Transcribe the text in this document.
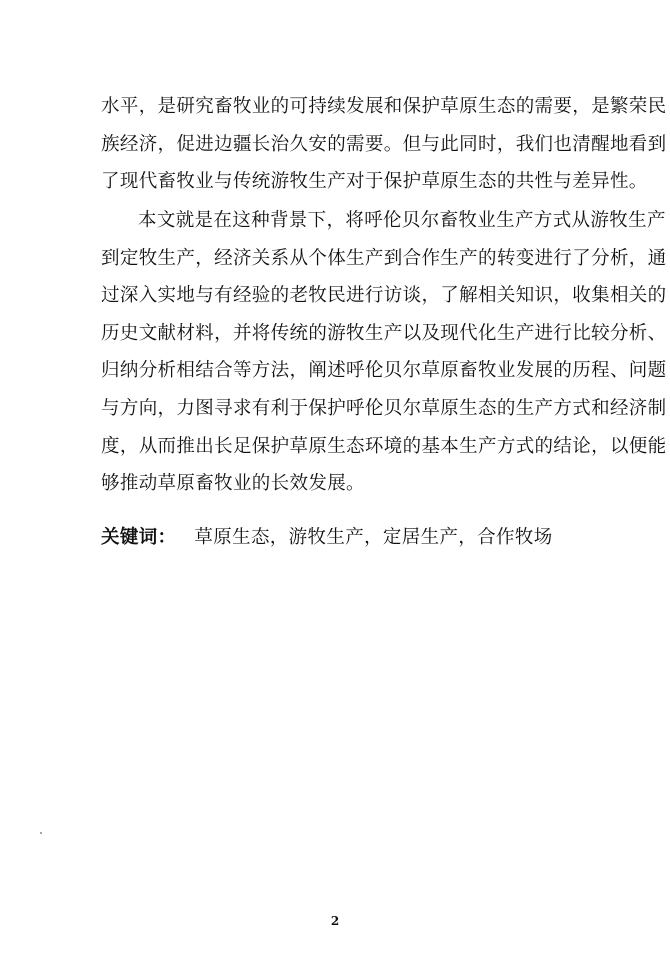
水平，是研究畜牧业的可持续发展和保护草原生态的需要，是繁荣民
族经济，促进边疆长治久安的需要。但与此同时，我们也清醒地看到
了现代畜牧业与传统游牧生产对于保护草原生态的共性与差异性。
本文就是在这种背景下，将呼伦贝尔畜牧业生产方式从游牧生产
到定牧生产，经济关系从个体生产到合作生产的转变进行了分析，通
过深入实地与有经验的老牧民进行访谈，了解相关知识，收集相关的
历史文献材料，并将传统的游牧生产以及现代化生产进行比较分析、
归纳分析相结合等方法，阐述呼伦贝尔草原畜牧业发展的历程、问题
与方向，力图寻求有利于保护呼伦贝尔草原生态的生产方式和经济制
度，从而推出长足保护草原生态环境的基本生产方式的结论，以便能
够推动草原畜牧业的长效发展。
关键词： 草原生态，游牧生产，定居生产，合作牧场
2
